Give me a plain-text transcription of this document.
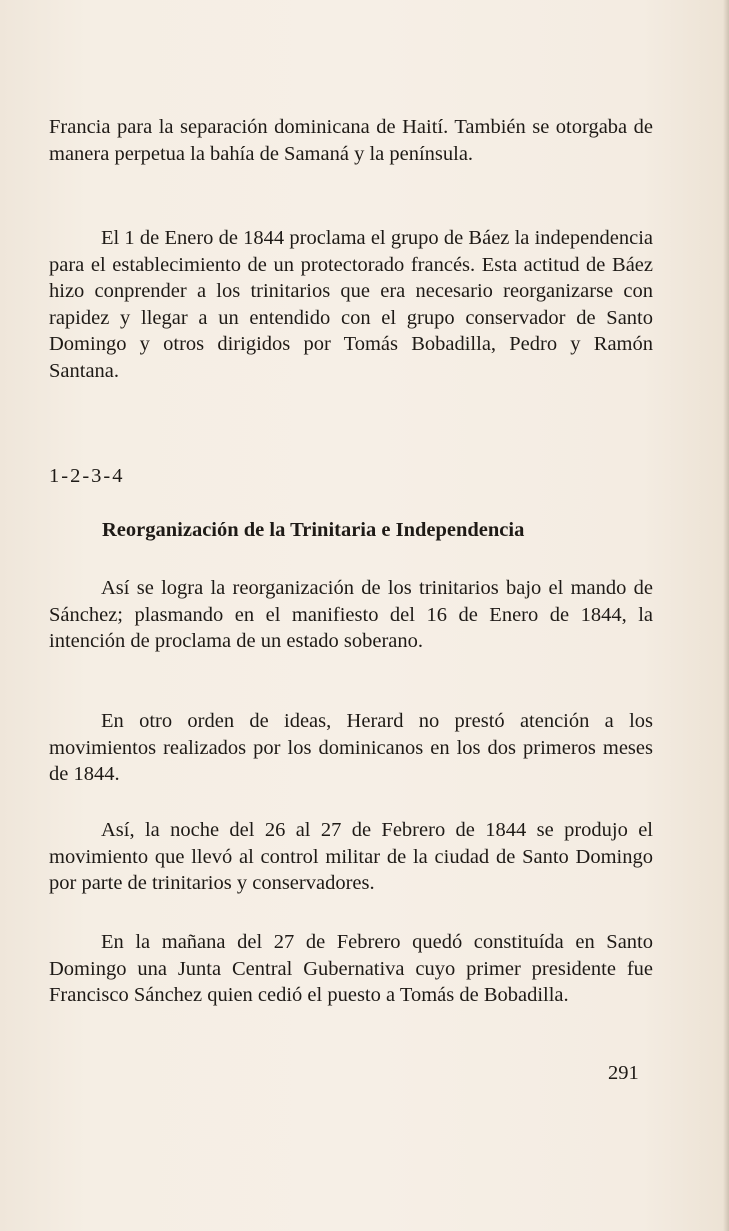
Francia para la separación dominicana de Haití. También se otorgaba de manera perpetua la bahía de Samaná y la península.

El 1 de Enero de 1844 proclama el grupo de Báez la independencia para el establecimiento de un protectorado francés. Esta actitud de Báez hizo conprender a los trinitarios que era necesario reorganizarse con rapidez y llegar a un entendido con el grupo conservador de Santo Domingo y otros dirigidos por Tomás Bobadilla, Pedro y Ramón Santana.

1-2-3-4
Reorganización de la Trinitaria e Independencia

Así se logra la reorganización de los trinitarios bajo el mando de Sánchez; plasmando en el manifiesto del 16 de Enero de 1844, la intención de proclama de un estado soberano.

En otro orden de ideas, Herard no prestó atención a los movimientos realizados por los dominicanos en los dos primeros meses de 1844.

Así, la noche del 26 al 27 de Febrero de 1844 se produjo el movimiento que llevó al control militar de la ciudad de Santo Domingo por parte de trinitarios y conservadores.

En la mañana del 27 de Febrero quedó constituída en Santo Domingo una Junta Central Gubernativa cuyo primer presidente fue Francisco Sánchez quien cedió el puesto a Tomás de Bobadilla.

291
